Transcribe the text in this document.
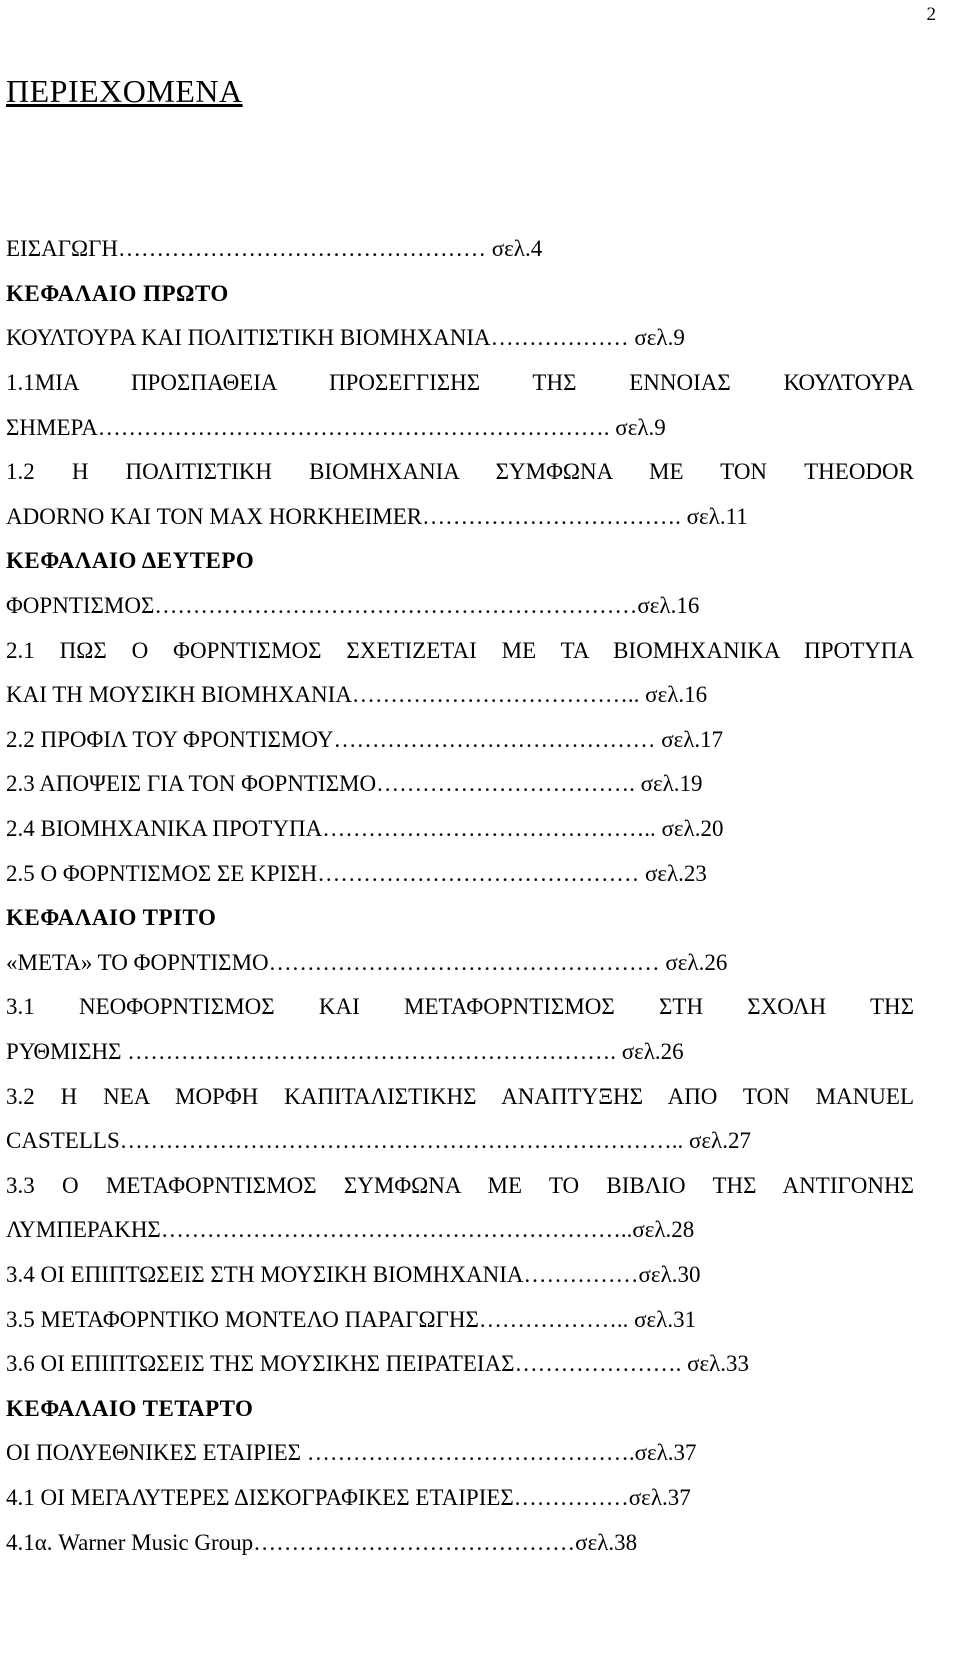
2
ΠΕΡΙΕΧΟΜΕΝΑ
ΕΙΣΑΓΩΓΗ………………………………………… σελ.4
ΚΕΦΑΛΑΙΟ ΠΡΩΤΟ
ΚΟΥΛΤΟΥΡΑ ΚΑΙ ΠΟΛΙΤΙΣΤΙΚΗ ΒΙΟΜΗΧΑΝΙΑ……………… σελ.9
1.1ΜΙΑ ΠΡΟΣΠΑΘΕΙΑ ΠΡΟΣΕΓΓΙΣΗΣ ΤΗΣ ΕΝΝΟΙΑΣ ΚΟΥΛΤΟΥΡΑ
ΣΗΜΕΡΑ…………………………………………………………. σελ.9
1.2 Η ΠΟΛΙΤΙΣΤΙΚΗ ΒΙΟΜΗΧΑΝΙΑ ΣΥΜΦΩΝΑ ΜΕ ΤΟΝ THEODOR
ADORNO KAI ΤΟΝ ΜΑΧ HORKHEIMER……………………………. σελ.11
ΚΕΦΑΛΑΙΟ ΔΕΥΤΕΡΟ
ΦΟΡΝΤΙΣΜΟΣ………………………………………………………σελ.16
2.1 ΠΩΣ Ο ΦΟΡΝΤΙΣΜΟΣ ΣΧΕΤΙΖΕΤΑΙ ΜΕ ΤΑ ΒΙΟΜΗΧΑΝΙΚΑ ΠΡΟΤΥΠΑ
ΚΑΙ ΤΗ ΜΟΥΣΙΚΗ ΒΙΟΜΗΧΑΝΙΑ……………………………….. σελ.16
2.2 ΠΡΟΦΙΛ ΤΟΥ ΦΡΟΝΤΙΣΜΟΥ…………………………………… σελ.17
2.3 ΑΠΟΨΕΙΣ ΓΙΑ ΤΟΝ ΦΟΡΝΤΙΣΜΟ……………………………. σελ.19
2.4 ΒΙΟΜΗΧΑΝΙΚΑ ΠΡΟΤΥΠΑ…………………………………….. σελ.20
2.5 Ο ΦΟΡΝΤΙΣΜΟΣ ΣΕ ΚΡΙΣΗ…………………………………… σελ.23
ΚΕΦΑΛΑΙΟ ΤΡΙΤΟ
«ΜΕΤΑ» ΤΟ ΦΟΡΝΤΙΣΜΟ…………………………………………… σελ.26
3.1 ΝΕΟΦΟΡΝΤΙΣΜΟΣ ΚΑΙ ΜΕΤΑΦΟΡΝΤΙΣΜΟΣ ΣΤΗ ΣΧΟΛΗ ΤΗΣ
ΡΥΘΜΙΣΗΣ ………………………………………………………. σελ.26
3.2 Η ΝΕΑ ΜΟΡΦΗ ΚΑΠΙΤΑΛΙΣΤΙΚΗΣ ΑΝΑΠΤΥΞΗΣ ΑΠΟ ΤΟΝ MANUEL
CASTELLS……………………………………………………………….. σελ.27
3.3 Ο ΜΕΤΑΦΟΡΝΤΙΣΜΟΣ ΣΥΜΦΩΝΑ ΜΕ ΤΟ ΒΙΒΛΙΟ ΤΗΣ ΑΝΤΙΓΟΝΗΣ
ΛΥΜΠΕΡΑΚΗΣ……………………………………………………..σελ.28
3.4 ΟΙ ΕΠΙΠΤΩΣΕΙΣ ΣΤΗ ΜΟΥΣΙΚΗ ΒΙΟΜΗΧΑΝΙΑ……………σελ.30
3.5 ΜΕΤΑΦΟΡΝΤΙΚΟ ΜΟΝΤΕΛΟ ΠΑΡΑΓΩΓΗΣ……………….. σελ.31
3.6 ΟΙ ΕΠΙΠΤΩΣΕΙΣ ΤΗΣ ΜΟΥΣΙΚΗΣ ΠΕΙΡΑΤΕΙΑΣ…………………. σελ.33
ΚΕΦΑΛΑΙΟ ΤΕΤΑΡΤΟ
ΟΙ ΠΟΛΥΕΘΝΙΚΕΣ ΕΤΑΙΡΙΕΣ …………………………………….σελ.37
4.1 ΟΙ ΜΕΓΑΛΥΤΕΡΕΣ ΔΙΣΚΟΓΡΑΦΙΚΕΣ ΕΤΑΙΡΙΕΣ……………σελ.37
4.1α. Warner Music Group……………………………………σελ.38
